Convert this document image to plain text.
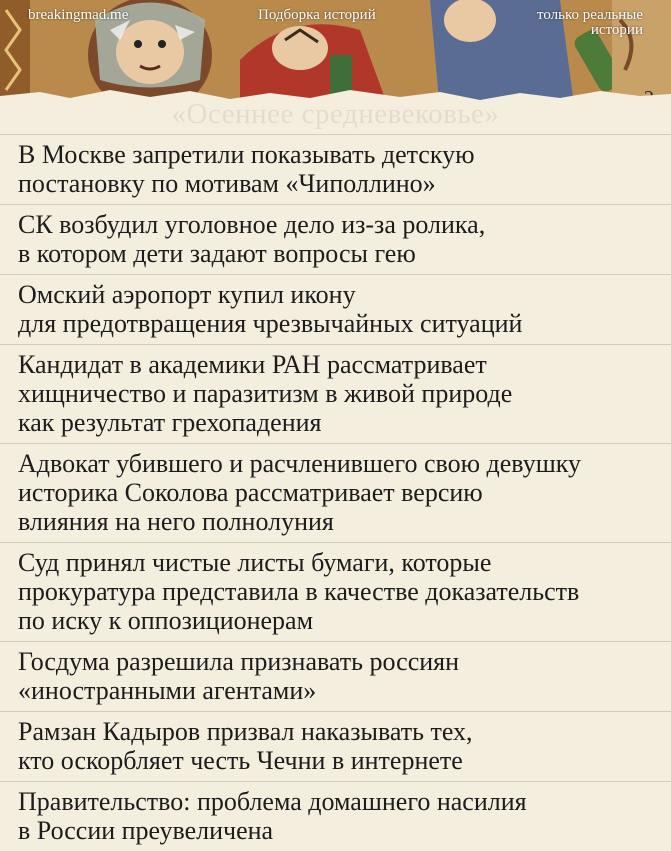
breakingmad.me	Подборка историй	только реальные
истории
«Осеннее средневековье»
В Москве запретили показывать детскую
постановку по мотивам «Чиполлино»
СК возбудил уголовное дело из-за ролика,
в котором дети задают вопросы гею
Омский аэропорт купил икону
для предотвращения чрезвычайных ситуаций
Кандидат в академики РАН рассматривает
хищничество и паразитизм в живой природе
как результат грехопадения
Адвокат убившего и расчленившего свою девушку
историка Соколова рассматривает версию
влияния на него полнолуния
Суд принял чистые листы бумаги, которые
прокуратура представила в качестве доказательств
по иску к оппозиционерам
Госдума разрешила признавать россиян
«иностранными агентами»
Рамзан Кадыров призвал наказывать тех,
кто оскорбляет честь Чечни в интернете
Правительство: проблема домашнего насилия
в России преувеличена
